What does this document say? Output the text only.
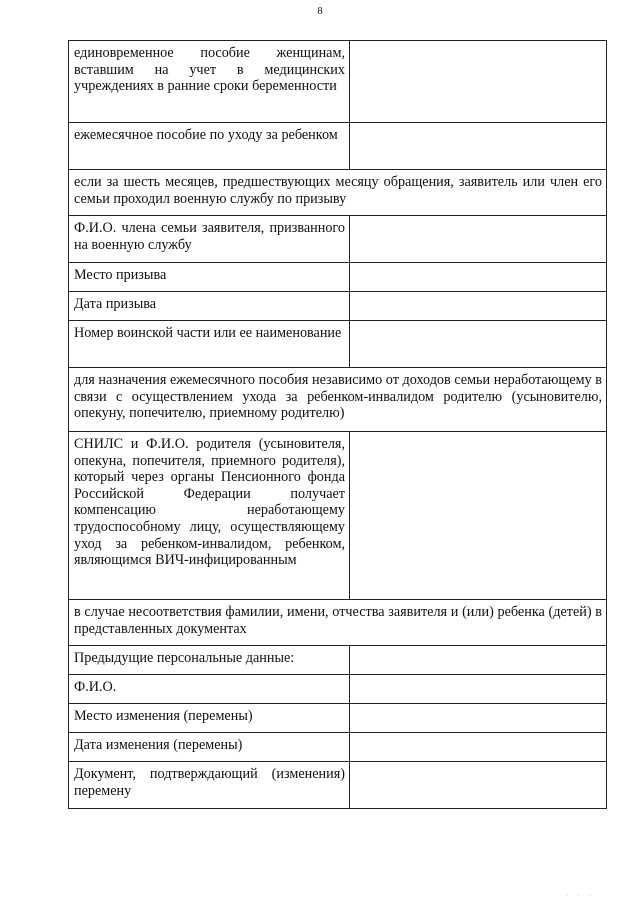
8
единовременное пособие женщинам, вставшим на учет в медицинских учреждениях в ранние сроки беременности	
ежемесячное пособие по уходу за ребенком	
если за шесть месяцев, предшествующих месяцу обращения, заявитель или член его семьи проходил военную службу по призыву	
Ф.И.О. члена семьи заявителя, призванного на военную службу	
Место призыва	
Дата призыва	
Номер воинской части или ее наименование	
для назначения ежемесячного пособия независимо от доходов семьи неработающему в связи с осуществлением ухода за ребенком-инвалидом родителю (усыновителю, опекуну, попечителю, приемному родителю)	
СНИЛС и Ф.И.О. родителя (усыновителя, опекуна, попечителя, приемного родителя), который через органы Пенсионного фонда Российской Федерации получает компенсацию неработающему трудоспособному лицу, осуществляющему уход за ребенком-инвалидом, ребенком, являющимся ВИЧ-инфицированным	
в случае несоответствия фамилии, имени, отчества заявителя и (или) ребенка (детей) в представленных документах	
Предыдущие персональные данные:	
Ф.И.О.	
Место изменения (перемены)	
Дата изменения (перемены)	
Документ, подтверждающий (изменения) перемену	
· · ·
